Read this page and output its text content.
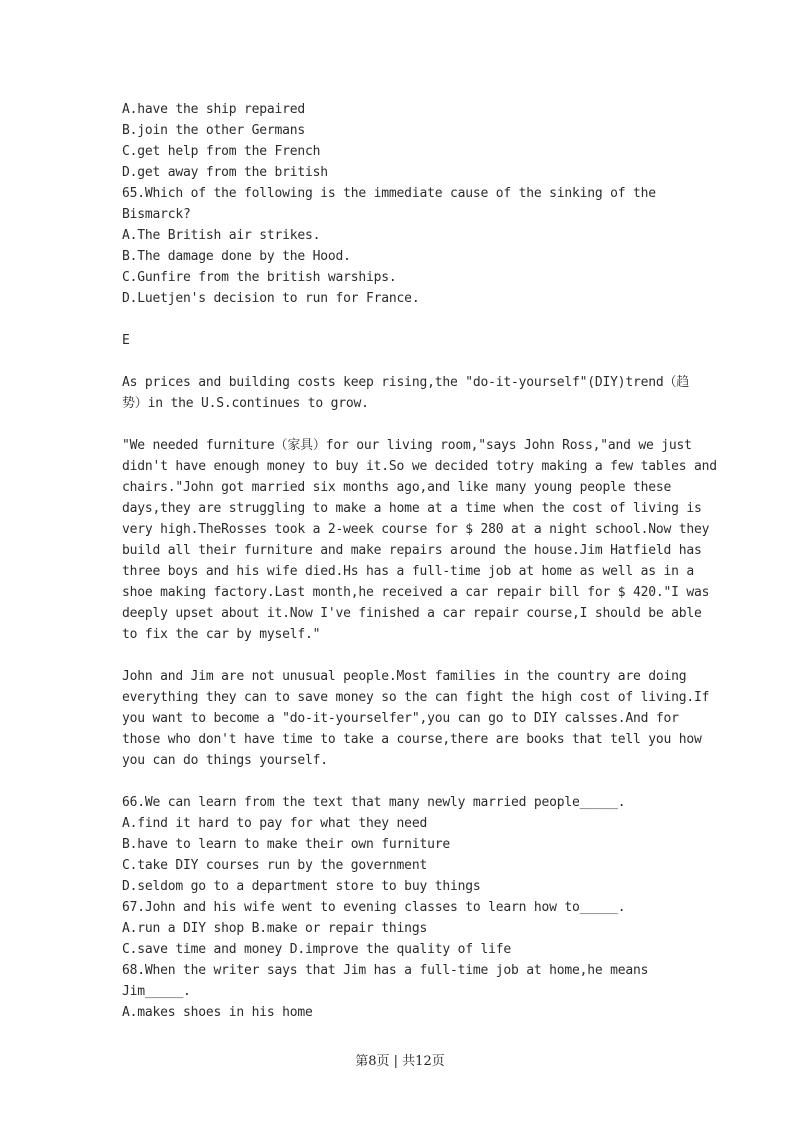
A.have the ship repaired
B.join the other Germans
C.get help from the French
D.get away from the british
65.Which of the following is the immediate cause of the sinking of the
Bismarck?
A.The British air strikes.
B.The damage done by the Hood.
C.Gunfire from the british warships.
D.Luetjen's decision to run for France.
E
As prices and building costs keep rising,the "do-it-yourself"(DIY)trend（趋
势）in the U.S.continues to grow.
"We needed furniture（家具）for our living room,"says John Ross,"and we just
didn't have enough money to buy it.So we decided totry making a few tables and
chairs."John got married six months ago,and like many young people these
days,they are struggling to make a home at a time when the cost of living is
very high.TheRosses took a 2-week course for $ 280 at a night school.Now they
build all their furniture and make repairs around the house.Jim Hatfield has
three boys and his wife died.Hs has a full-time job at home as well as in a
shoe making factory.Last month,he received a car repair bill for $ 420."I was
deeply upset about it.Now I've finished a car repair course,I should be able
to fix the car by myself."
John and Jim are not unusual people.Most families in the country are doing
everything they can to save money so the can fight the high cost of living.If
you want to become a "do-it-yourselfer",you can go to DIY calsses.And for
those who don't have time to take a course,there are books that tell you how
you can do things yourself.
66.We can learn from the text that many newly married people_____.
A.find it hard to pay for what they need
B.have to learn to make their own furniture
C.take DIY courses run by the government
D.seldom go to a department store to buy things
67.John and his wife went to evening classes to learn how to_____.
A.run a DIY shop B.make or repair things
C.save time and money D.improve the quality of life
68.When the writer says that Jim has a full-time job at home,he means
Jim_____.
A.makes shoes in his home
第8页 | 共12页
